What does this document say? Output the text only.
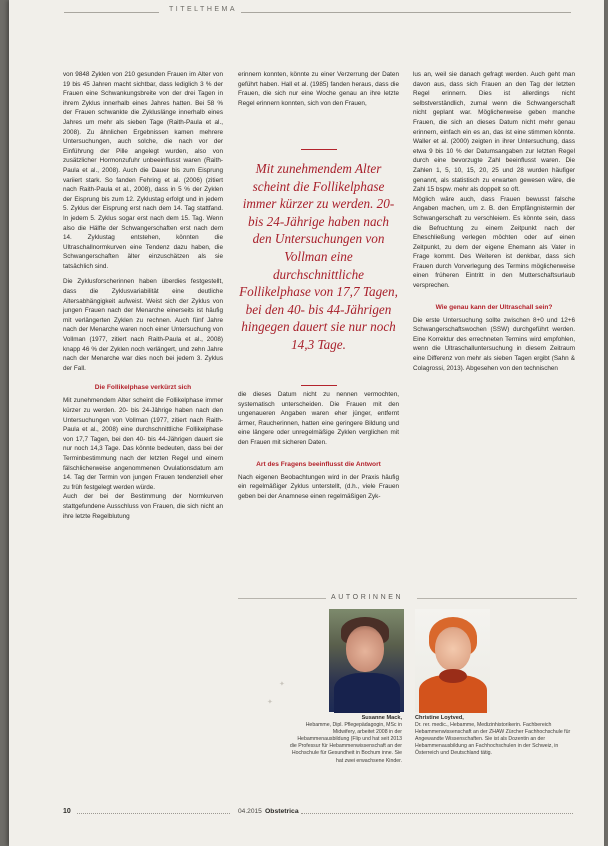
TITELTHEMA

von 9848 Zyklen von 210 gesunden Frauen im Alter von 19 bis 45 Jahren macht sichtbar, dass lediglich 3 % der Frauen eine Schwankungsbreite von der drei Tagen in ihrem Zyklus innerhalb eines Jahres hatten. Bei 58 % der Frauen schwankte die Zykluslänge innerhalb eines Jahres um mehr als sieben Tage (Raith-Paula et al., 2008). Zu ähnlichen Ergebnissen kamen mehrere Untersuchungen, auch solche, die nach vor der Einführung der Pille angelegt wurden, also von zusätzlicher Hormonzufuhr unbeeinflusst waren (Raith-Paula et al., 2008). Auch die Dauer bis zum Eisprung variiert stark. So fanden Fehring et al. (2006) (zitiert nach Raith-Paula et al., 2008), dass in 5 % der Zyklen der Eisprung bis zum 12. Zyklustag erfolgt und in jedem 5. Zyklus der Eisprung erst nach dem 14. Tag stattfand. In jedem 5. Zyklus sogar erst nach dem 15. Tag. Wenn also die Hälfte der Schwangerschaften erst nach dem 14. Zyklustag entstehen, könnten die Ultraschallnormkurven eine Tendenz dazu haben, die Schwangerschaften älter einzuschätzen als sie tatsächlich sind.

Die Zyklusforscherinnen haben überdies festgestellt, dass die Zyklusvariabilität eine deutliche Altersabhängigkeit aufweist. Weist sich der Zyklus von jungen Frauen nach der Menarche einerseits ist häufig mit verlängerten Zyklen zu rechnen. Auch fünf Jahre nach der Menarche waren noch einer Untersuchung von Vollman (1977, zitiert nach Raith-Paula et al., 2008) knapp 46 % der Zyklen noch verlängert, und zehn Jahre nach der Menarche war dies noch bei jedem 3. Zyklus der Fall.

Die Follikelphase verkürzt sich

Mit zunehmendem Alter scheint die Follikelphase immer kürzer zu werden. 20- bis 24-Jährige haben nach den Untersuchungen von Vollman (1977, zitiert nach Raith-Paula et al., 2008) eine durchschnittliche Follikelphase von 17,7 Tagen, bei den 40- bis 44-Jährigen dauert sie nur noch 14,3 Tage. Das könnte bedeuten, dass bei der Terminbestimmung nach der letzten Regel und einem fälschlicherweise angenommenen Ovulationsdatum am 14. Tag der Termin von jungen Frauen tendenziell eher zu früh festgelegt werden würde.

Auch der bei der Bestimmung der Normkurven stattgefundene Ausschluss von Frauen, die sich nicht an ihre letzte Regelblutung

erinnern konnten, könnte zu einer Verzerrung der Daten geführt haben. Hall et al. (1985) fanden heraus, dass die Frauen, die sich nur eine Woche genau an ihre letzte Regel erinnern konnten, sich von den Frauen,

Mit zunehmendem Alter scheint die Follikelphase immer kürzer zu werden. 20- bis 24-Jährige haben nach den Untersuchungen von Vollman eine durchschnittliche Follikelphase von 17,7 Tagen, bei den 40- bis 44-Jährigen hingegen dauert sie nur noch 14,3 Tage.

die dieses Datum nicht zu nennen vermochten, systematisch unterscheiden. Die Frauen mit den ungenaueren Angaben waren eher jünger, entfernt ärmer, Raucherinnen, hatten eine geringere Bildung und eine längere oder unregelmäßige Zyklen verglichen mit den Frauen mit sicheren Daten.

Art des Fragens beeinflusst die Antwort

Nach eigenen Beobachtungen wird in der Praxis häufig ein regelmäßiger Zyklus unterstellt, (d.h., viele Frauen geben bei der Anamnese einen regelmäßigen Zyk-

lus an, weil sie danach gefragt werden. Auch geht man davon aus, dass sich Frauen an den Tag der letzten Regel erinnern. Dies ist allerdings nicht selbstverständlich, zumal wenn die Schwangerschaft nicht geplant war. Möglicherweise geben manche Frauen, die sich an dieses Datum nicht mehr genau erinnern, einfach ein es an, das ist eine stimmen könnte. Waller et al. (2000) zeigten in ihrer Untersuchung, dass etwa 9 bis 10 % der Datumsangaben zur letzten Regel durch eine bevorzugte Zahl beeinflusst waren. Die Zahlen 1, 5, 10, 15, 20, 25 und 28 wurden häufiger genannt, als statistisch zu erwarten gewesen wäre, die Zahl 15 bspw. mehr als doppelt so oft.

Möglich wäre auch, dass Frauen bewusst falsche Angaben machen, um z. B. den Empfängnistermin der Schwangerschaft zu verschleiern. Es könnte sein, dass die Befruchtung zu einem Zeitpunkt nach der Eheschließung verlegen möchten oder auf einen Zeitpunkt, zu dem der eigene Ehemann als Vater in Frage kommt. Des Weiteren ist denkbar, dass sich Frauen durch Vorverlegung des Termins möglicherweise einen früheren Eintritt in den Mutterschaftsurlaub versprechen.

Wie genau kann der Ultraschall sein?

Die erste Untersuchung sollte zwischen 8+0 und 12+6 Schwangerschaftswochen (SSW) durchgeführt werden. Eine Korrektur des errechneten Termins wird empfohlen, wenn die Ultraschalluntersuchung in diesem Zeitraum eine Differenz von mehr als sieben Tagen ergibt (Sahn & Colagrossi, 2013). Abgesehen von den technischen

AUTORINNEN
✦
✦
Susanne Mack,
Hebamme, Dipl. Pflegepädagogin, MSc in Midwifery, arbeitet 2008 in der Hebammenausbildung (Flip und hat seit 2013 die Professur für Hebammenwissenschaft an der Hochschule für Gesundheit in Bochum inne. Sie hat zwei erwachsene Kinder.
Christine Loytved,
Dr. rer. medic., Hebamme, Medizinhistorikerin. Fachbereich Hebammenwissenschaft an der ZHAW Zürcher Fachhochschule für Angewandte Wissenschaften. Sie ist als Dozentin an der Hebammenausbildung an Fachhochschulen in der Schweiz, in Österreich und Deutschland tätig.
10	04.2015 Obstetrica
